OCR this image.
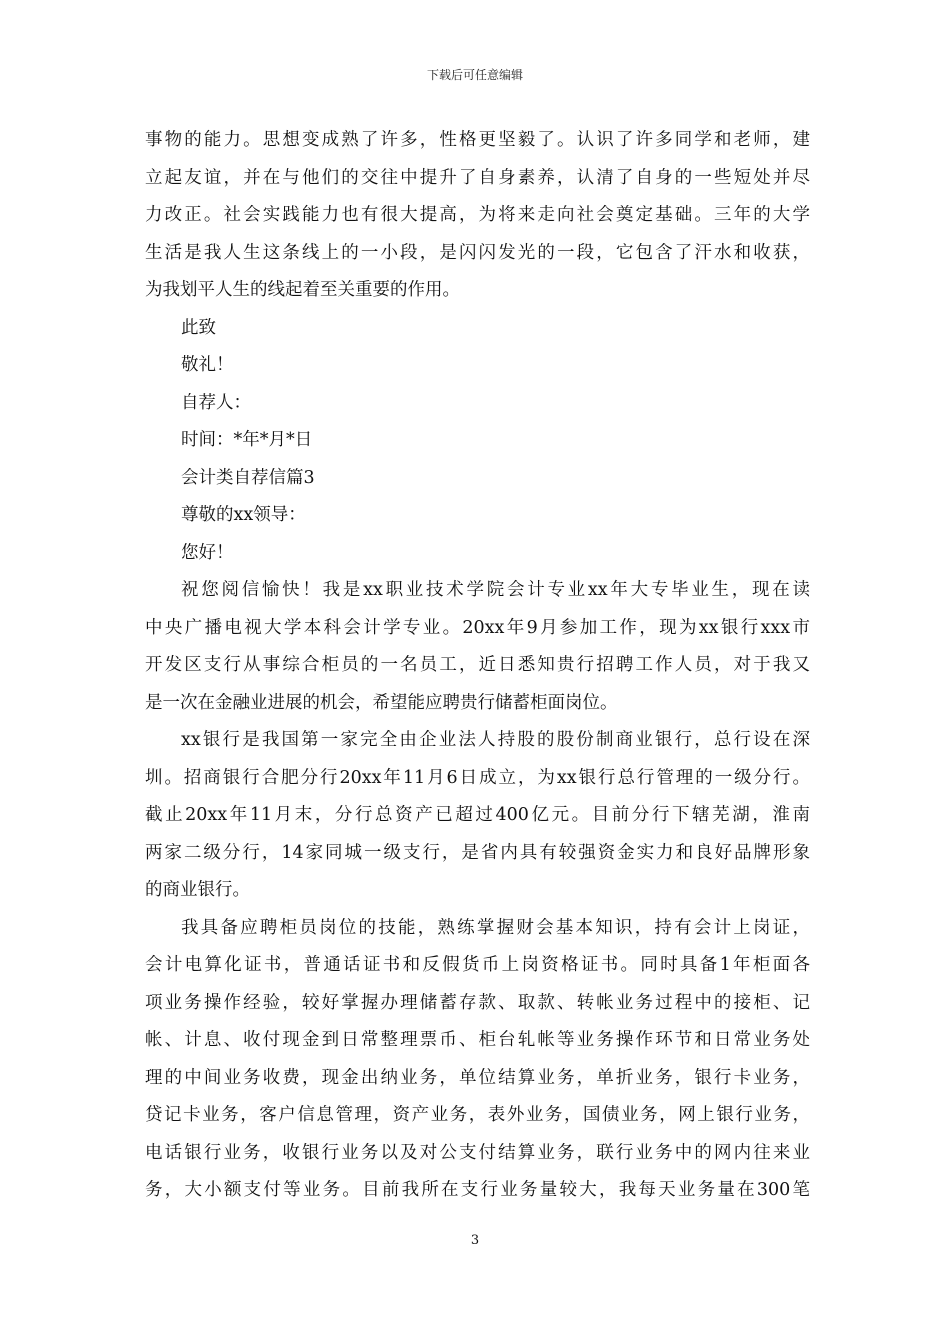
下载后可任意编辑
事物的能力。思想变成熟了许多，性格更坚毅了。认识了许多同学和老师，建
立起友谊，并在与他们的交往中提升了自身素养，认清了自身的一些短处并尽
力改正。社会实践能力也有很大提高，为将来走向社会奠定基础。三年的大学
生活是我人生这条线上的一小段，是闪闪发光的一段，它包含了汗水和收获，
为我划平人生的线起着至关重要的作用。
此致
敬礼！
自荐人：
时间：*年*月*日
会计类自荐信篇3
尊敬的xx领导：
您好！
祝您阅信愉快！我是xx职业技术学院会计专业xx年大专毕业生，现在读
中央广播电视大学本科会计学专业。20xx年9月参加工作，现为xx银行xxx市
开发区支行从事综合柜员的一名员工，近日悉知贵行招聘工作人员，对于我又
是一次在金融业进展的机会，希望能应聘贵行储蓄柜面岗位。
xx银行是我国第一家完全由企业法人持股的股份制商业银行，总行设在深
圳。招商银行合肥分行20xx年11月6日成立，为xx银行总行管理的一级分行。
截止20xx年11月末，分行总资产已超过400亿元。目前分行下辖芜湖，淮南
两家二级分行，14家同城一级支行，是省内具有较强资金实力和良好品牌形象
的商业银行。
我具备应聘柜员岗位的技能，熟练掌握财会基本知识，持有会计上岗证，
会计电算化证书，普通话证书和反假货币上岗资格证书。同时具备1年柜面各
项业务操作经验，较好掌握办理储蓄存款、取款、转帐业务过程中的接柜、记
帐、计息、收付现金到日常整理票币、柜台轧帐等业务操作环节和日常业务处
理的中间业务收费，现金出纳业务，单位结算业务，单折业务，银行卡业务，
贷记卡业务，客户信息管理，资产业务，表外业务，国债业务，网上银行业务，
电话银行业务，收银行业务以及对公支付结算业务，联行业务中的网内往来业
务，大小额支付等业务。目前我所在支行业务量较大，我每天业务量在300笔
3
